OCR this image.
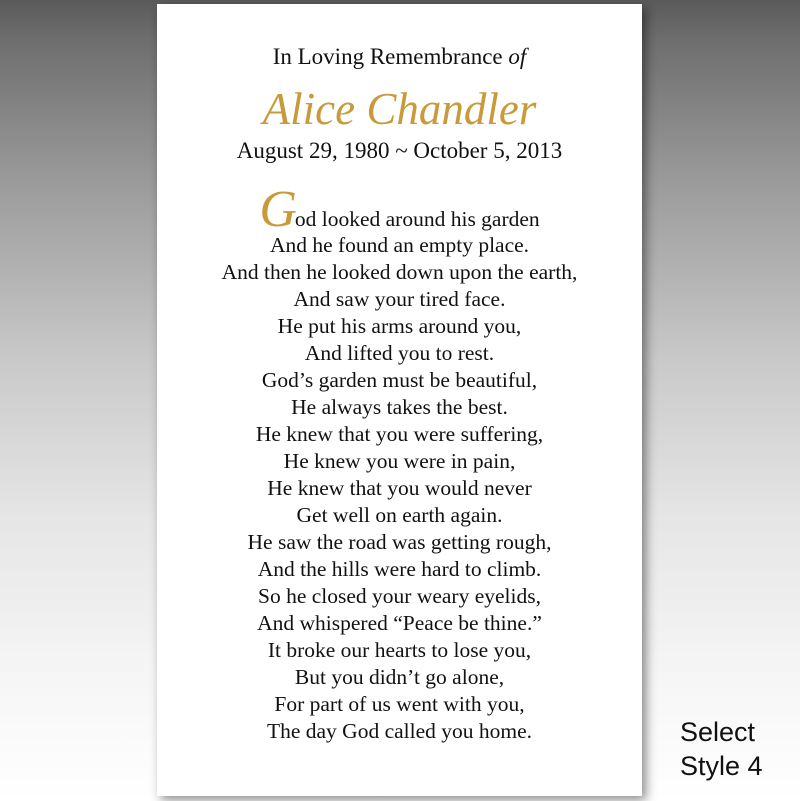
In Loving Remembrance of
Alice Chandler
August 29, 1980 ~ October 5, 2013
God looked around his garden
And he found an empty place.
And then he looked down upon the earth,
And saw your tired face.
He put his arms around you,
And lifted you to rest.
God’s garden must be beautiful,
He always takes the best.
He knew that you were suffering,
He knew you were in pain,
He knew that you would never
Get well on earth again.
He saw the road was getting rough,
And the hills were hard to climb.
So he closed your weary eyelids,
And whispered “Peace be thine.”
It broke our hearts to lose you,
But you didn’t go alone,
For part of us went with you,
The day God called you home.	Select
Style 4
